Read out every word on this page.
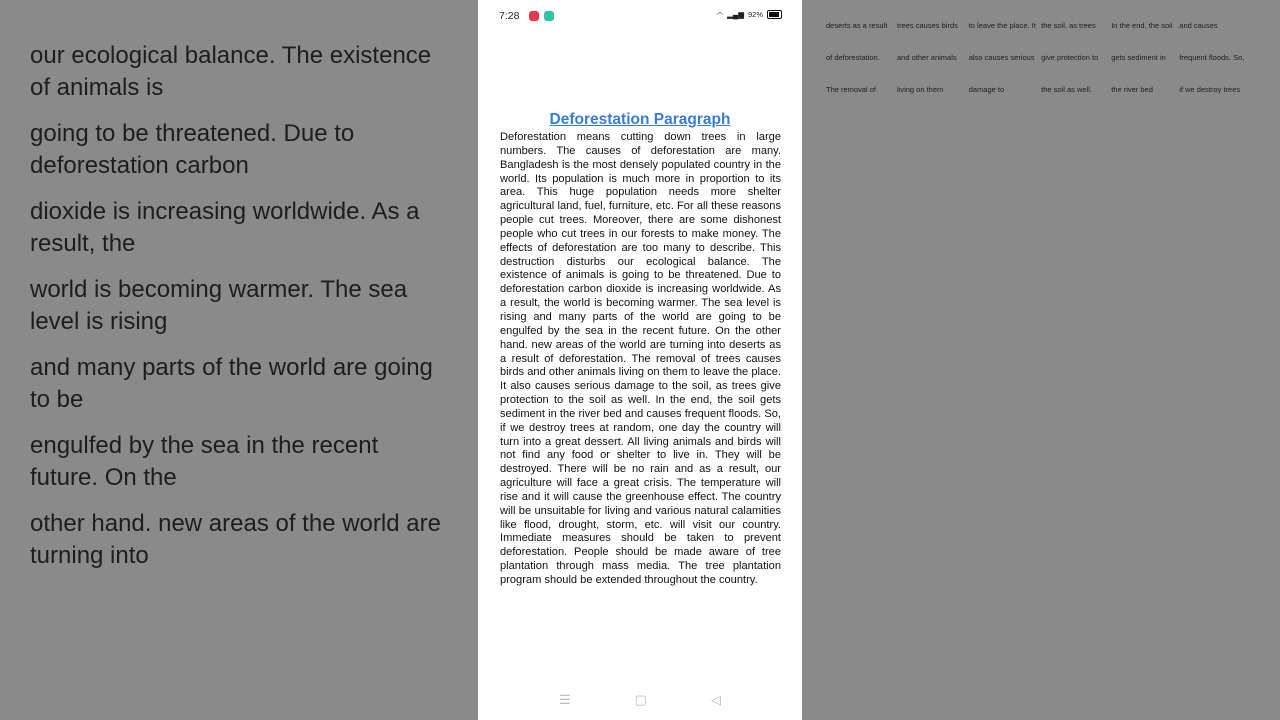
our ecological balance. The existence of animals is
going to be threatened. Due to deforestation carbon
dioxide is increasing worldwide. As a result, the
world is becoming warmer. The sea level is rising
and many parts of the world are going to be
engulfed by the sea in the recent future. On the
other hand. new areas of the world are turning into
deserts as a result of deforestation. The removal of
trees causes birds and other animals living on them
to leave the place. It also causes serious damage to
the soil, as trees give protection to the soil as well.
In the end, the soil gets sediment in the river bed
and causes frequent floods. So, if we destroy trees
7:28	◠ ▂▄▆ 92%
Deforestation Paragraph
Deforestation means cutting down trees in large numbers. The causes of deforestation are many. Bangladesh is the most densely populated country in the world. Its population is much more in proportion to its area. This huge population needs more shelter agricultural land, fuel, furniture, etc. For all these reasons people cut trees. Moreover, there are some dishonest people who cut trees in our forests to make money. The effects of deforestation are too many to describe. This destruction disturbs our ecological balance. The existence of animals is going to be threatened. Due to deforestation carbon dioxide is increasing worldwide. As a result, the world is becoming warmer. The sea level is rising and many parts of the world are going to be engulfed by the sea in the recent future. On the other hand. new areas of the world are turning into deserts as a result of deforestation. The removal of trees causes birds and other animals living on them to leave the place. It also causes serious damage to the soil, as trees give protection to the soil as well. In the end, the soil gets sediment in the river bed and causes frequent floods. So, if we destroy trees at random, one day the country will turn into a great dessert. All living animals and birds will not find any food or shelter to live in. They will be destroyed. There will be no rain and as a result, our agriculture will face a great crisis. The temperature will rise and it will cause the greenhouse effect. The country will be unsuitable for living and various natural calamities like flood, drought, storm, etc. will visit our country. Immediate measures should be taken to prevent deforestation. People should be made aware of tree plantation through mass media. The tree plantation program should be extended throughout the country.
☰	▢	◁
